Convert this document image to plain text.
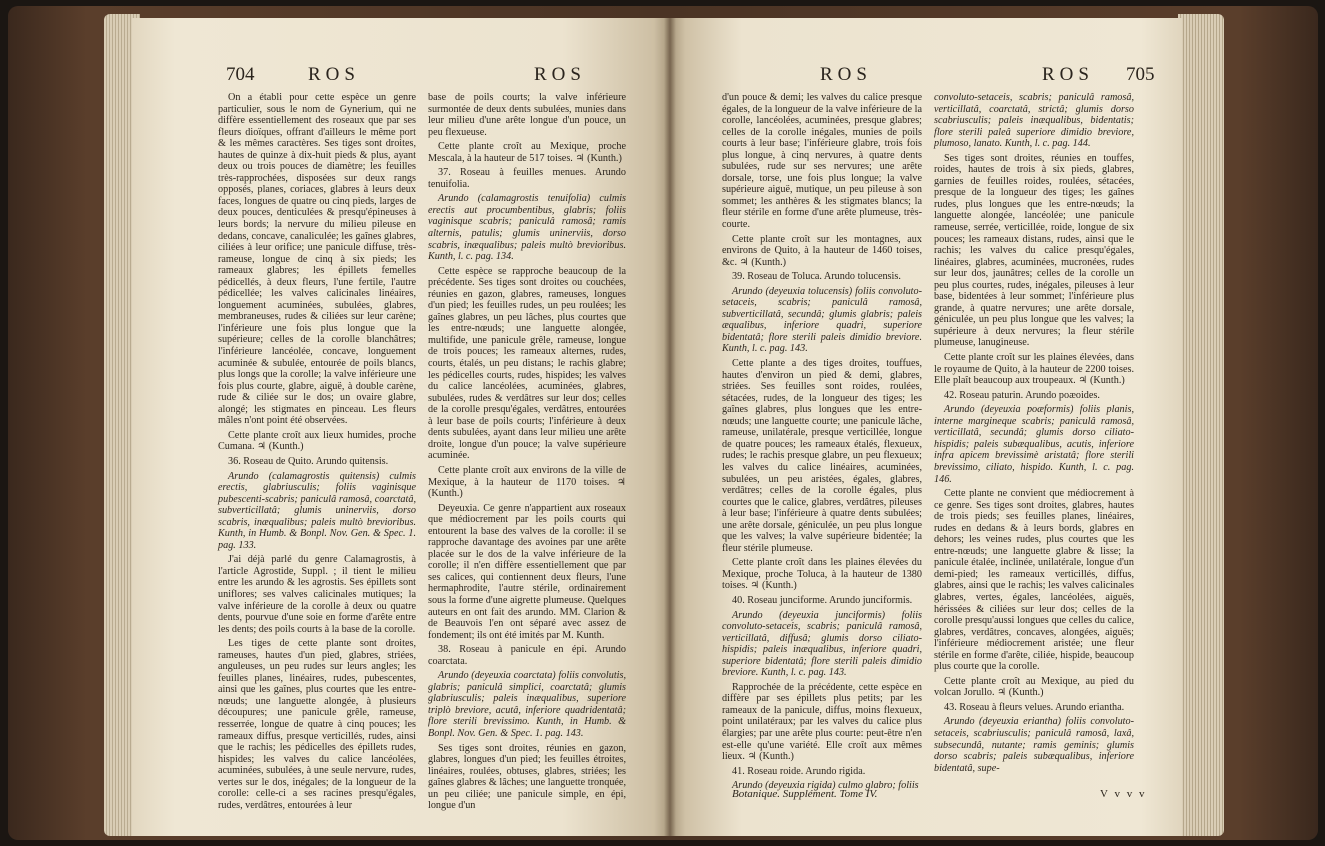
704	ROS	ROS

On a établi pour cette espèce un genre particulier, sous le nom de Gynerium, qui ne diffère essentiellement des roseaux que par ses fleurs dioïques, offrant d'ailleurs le même port & les mêmes caractères. Ses tiges sont droites, hautes de quinze à dix-huit pieds & plus, ayant deux ou trois pouces de diamètre; les feuilles très-rapprochées, disposées sur deux rangs opposés, planes, coriaces, glabres à leurs deux faces, longues de quatre ou cinq pieds, larges de deux pouces, denticulées & presqu'épineuses à leurs bords; la nervure du milieu pileuse en dedans, concave, canaliculée; les gaînes glabres, ciliées à leur orifice; une panicule diffuse, très-rameuse, longue de cinq à six pieds; les rameaux glabres; les épillets femelles pédicellés, à deux fleurs, l'une fertile, l'autre pédicellée; les valves calicinales linéaires, longuement acuminées, subulées, glabres, membraneuses, rudes & ciliées sur leur carène; l'inférieure une fois plus longue que la supérieure; celles de la corolle blanchâtres; l'inférieure lancéolée, concave, longuement acuminée & subulée, entourée de poils blancs, plus longs que la corolle; la valve inférieure une fois plus courte, glabre, aiguë, à double carène, rude & ciliée sur le dos; un ovaire glabre, alongé; les stigmates en pinceau. Les fleurs mâles n'ont point été observées.

Cette plante croît aux lieux humides, proche Cumana. ♃ (Kunth.)

36. Roseau de Quito. Arundo quitensis.

Arundo (calamagrostis quitensis) culmis erectis, glabriusculis; foliis vaginisque pubescenti-scabris; paniculâ ramosâ, coarctatâ, subverticillatâ; glumis uninerviis, dorso scabris, inæqualibus; paleis multò brevioribus. Kunth, in Humb. & Bonpl. Nov. Gen. & Spec. 1. pag. 133.

J'ai déjà parlé du genre Calamagrostis, à l'article Agrostide, Suppl. ; il tient le milieu entre les arundo & les agrostis. Ses épillets sont uniflores; ses valves calicinales mutiques; la valve inférieure de la corolle à deux ou quatre dents, pourvue d'une soie en forme d'arête entre les dents; des poils courts à la base de la corolle.

Les tiges de cette plante sont droites, rameuses, hautes d'un pied, glabres, striées, anguleuses, un peu rudes sur leurs angles; les feuilles planes, linéaires, rudes, pubescentes, ainsi que les gaînes, plus courtes que les entre-nœuds; une languette alongée, à plusieurs découpures; une panicule grêle, rameuse, resserrée, longue de quatre à cinq pouces; les rameaux diffus, presque verticillés, rudes, ainsi que le rachis; les pédicelles des épillets rudes, hispides; les valves du calice lancéolées, acuminées, subulées, à une seule nervure, rudes, vertes sur le dos, inégales; de la longueur de la corolle: celle-ci a ses racines presqu'égales, rudes, verdâtres, entourées à leur

base de poils courts; la valve inférieure surmontée de deux dents subulées, munies dans leur milieu d'une arête longue d'un pouce, un peu flexueuse.

Cette plante croît au Mexique, proche Mescala, à la hauteur de 517 toises. ♃ (Kunth.)

37. Roseau à feuilles menues. Arundo tenuifolia.

Arundo (calamagrostis tenuifolia) culmis erectis aut procumbentibus, glabris; foliis vaginisque scabris; paniculâ ramosâ; ramis alternis, patulis; glumis uninerviis, dorso scabris, inæqualibus; paleis multò brevioribus. Kunth, l. c. pag. 134.

Cette espèce se rapproche beaucoup de la précédente. Ses tiges sont droites ou couchées, réunies en gazon, glabres, rameuses, longues d'un pied; les feuilles rudes, un peu roulées; les gaînes glabres, un peu lâches, plus courtes que les entre-nœuds; une languette alongée, multifide, une panicule grêle, rameuse, longue de trois pouces; les rameaux alternes, rudes, courts, étalés, un peu distans; le rachis glabre; les pédicelles courts, rudes, hispides; les valves du calice lancéolées, acuminées, glabres, subulées, rudes & verdâtres sur leur dos; celles de la corolle presqu'égales, verdâtres, entourées à leur base de poils courts; l'inférieure à deux dents subulées, ayant dans leur milieu une arête droite, longue d'un pouce; la valve supérieure acuminée.

Cette plante croît aux environs de la ville de Mexique, à la hauteur de 1170 toises. ♃ (Kunth.)

Deyeuxia. Ce genre n'appartient aux roseaux que médiocrement par les poils courts qui entourent la base des valves de la corolle: il se rapproche davantage des avoines par une arête placée sur le dos de la valve inférieure de la corolle; il n'en diffère essentiellement que par ses calices, qui contiennent deux fleurs, l'une hermaphrodite, l'autre stérile, ordinairement sous la forme d'une aigrette plumeuse. Quelques auteurs en ont fait des arundo. MM. Clarion & de Beauvois l'en ont séparé avec assez de fondement; ils ont été imités par M. Kunth.

38. Roseau à panicule en épi. Arundo coarctata.

Arundo (deyeuxia coarctata) foliis convolutis, glabris; paniculâ simplici, coarctatâ; glumis glabriusculis; paleis inæqualibus, superiore triplò breviore, acutâ, inferiore quadridentatâ; flore sterili brevissimo. Kunth, in Humb. & Bonpl. Nov. Gen. & Spec. 1. pag. 143.

Ses tiges sont droites, réunies en gazon, glabres, longues d'un pied; les feuilles étroites, linéaires, roulées, obtuses, glabres, striées; les gaînes glabres & lâches; une languette tronquée, un peu ciliée; une panicule simple, en épi, longue d'un

ROS	ROS 705

d'un pouce & demi; les valves du calice presque égales, de la longueur de la valve inférieure de la corolle, lancéolées, acuminées, presque glabres; celles de la corolle inégales, munies de poils courts à leur base; l'inférieure glabre, trois fois plus longue, à cinq nervures, à quatre dents subulées, rude sur ses nervures; une arête dorsale, torse, une fois plus longue; la valve supérieure aiguë, mutique, un peu pileuse à son sommet; les anthères & les stigmates blancs; la fleur stérile en forme d'une arête plumeuse, très-courte.

Cette plante croît sur les montagnes, aux environs de Quito, à la hauteur de 1460 toises, &c. ♃ (Kunth.)

39. Roseau de Toluca. Arundo tolucensis.

Arundo (deyeuxia tolucensis) foliis convoluto-setaceis, scabris; paniculâ ramosâ, subverticillatâ, secundâ; glumis glabris; paleis æqualibus, inferiore quadri, superiore bidentatâ; flore sterili paleis dimidio breviore. Kunth, l. c. pag. 143.

Cette plante a des tiges droites, touffues, hautes d'environ un pied & demi, glabres, striées. Ses feuilles sont roides, roulées, sétacées, rudes, de la longueur des tiges; les gaînes glabres, plus longues que les entre-nœuds; une languette courte; une panicule lâche, rameuse, unilatérale, presque verticillée, longue de quatre pouces; les rameaux étalés, flexueux, rudes; le rachis presque glabre, un peu flexueux; les valves du calice linéaires, acuminées, subulées, un peu aristées, égales, glabres, verdâtres; celles de la corolle égales, plus courtes que le calice, glabres, verdâtres, pileuses à leur base; l'inférieure à quatre dents subulées; une arête dorsale, géniculée, un peu plus longue que les valves; la valve supérieure bidentée; la fleur stérile plumeuse.

Cette plante croît dans les plaines élevées du Mexique, proche Toluca, à la hauteur de 1380 toises. ♃ (Kunth.)

40. Roseau junciforme. Arundo junciformis.

Arundo (deyeuxia junciformis) foliis convoluto-setaceis, scabris; paniculâ ramosâ, verticillatâ, diffusâ; glumis dorso ciliato-hispidis; paleis inæqualibus, inferiore quadri, superiore bidentatâ; flore sterili paleis dimidio breviore. Kunth, l. c. pag. 143.

Rapprochée de la précédente, cette espèce en diffère par ses épillets plus petits; par les rameaux de la panicule, diffus, moins flexueux, point unilatéraux; par les valves du calice plus élargies; par une arête plus courte: peut-être n'en est-elle qu'une variété. Elle croît aux mêmes lieux. ♃ (Kunth.)

41. Roseau roide. Arundo rigida.

Arundo (deyeuxia rigida) culmo glabro; foliis

convoluto-setaceis, scabris; paniculâ ramosâ, verticillatâ, coarctatâ, strictâ; glumis dorso scabriusculis; paleis inæqualibus, bidentatis; flore sterili paleâ superiore dimidio breviore, plumoso, lanato. Kunth, l. c. pag. 144.

Ses tiges sont droites, réunies en touffes, roides, hautes de trois à six pieds, glabres, garnies de feuilles roides, roulées, sétacées, presque de la longueur des tiges; les gaînes rudes, plus longues que les entre-nœuds; la languette alongée, lancéolée; une panicule rameuse, serrée, verticillée, roide, longue de six pouces; les rameaux distans, rudes, ainsi que le rachis; les valves du calice presqu'égales, linéaires, glabres, acuminées, mucronées, rudes sur leur dos, jaunâtres; celles de la corolle un peu plus courtes, rudes, inégales, pileuses à leur base, bidentées à leur sommet; l'inférieure plus grande, à quatre nervures; une arête dorsale, géniculée, un peu plus longue que les valves; la supérieure à deux nervures; la fleur stérile plumeuse, lanugineuse.

Cette plante croît sur les plaines élevées, dans le royaume de Quito, à la hauteur de 2200 toises. Elle plaît beaucoup aux troupeaux. ♃ (Kunth.)

42. Roseau paturin. Arundo poæoides.

Arundo (deyeuxia poæformis) foliis planis, interne margineque scabris; paniculâ ramosâ, verticillatâ, secundâ; glumis dorso ciliato-hispidis; paleis subæqualibus, acutis, inferiore infra apicem brevissimè aristatâ; flore sterili brevissimo, ciliato, hispido. Kunth, l. c. pag. 146.

Cette plante ne convient que médiocrement à ce genre. Ses tiges sont droites, glabres, hautes de trois pieds; ses feuilles planes, linéaires, rudes en dedans & à leurs bords, glabres en dehors; les veines rudes, plus courtes que les entre-nœuds; une languette glabre & lisse; la panicule étalée, inclinée, unilatérale, longue d'un demi-pied; les rameaux verticillés, diffus, glabres, ainsi que le rachis; les valves calicinales glabres, vertes, égales, lancéolées, aiguës, hérissées & ciliées sur leur dos; celles de la corolle presqu'aussi longues que celles du calice, glabres, verdâtres, concaves, alongées, aiguës; l'inférieure médiocrement aristée; une fleur stérile en forme d'arête, ciliée, hispide, beaucoup plus courte que la corolle.

Cette plante croît au Mexique, au pied du volcan Jorullo. ♃ (Kunth.)

43. Roseau à fleurs velues. Arundo eriantha.

Arundo (deyeuxia eriantha) foliis convoluto-setaceis, scabriusculis; paniculâ ramosâ, laxâ, subsecundâ, nutante; ramis geminis; glumis dorso scabris; paleis subæqualibus, inferiore bidentatâ, supe-

Botanique. Supplément. Tome IV.	V v v v
